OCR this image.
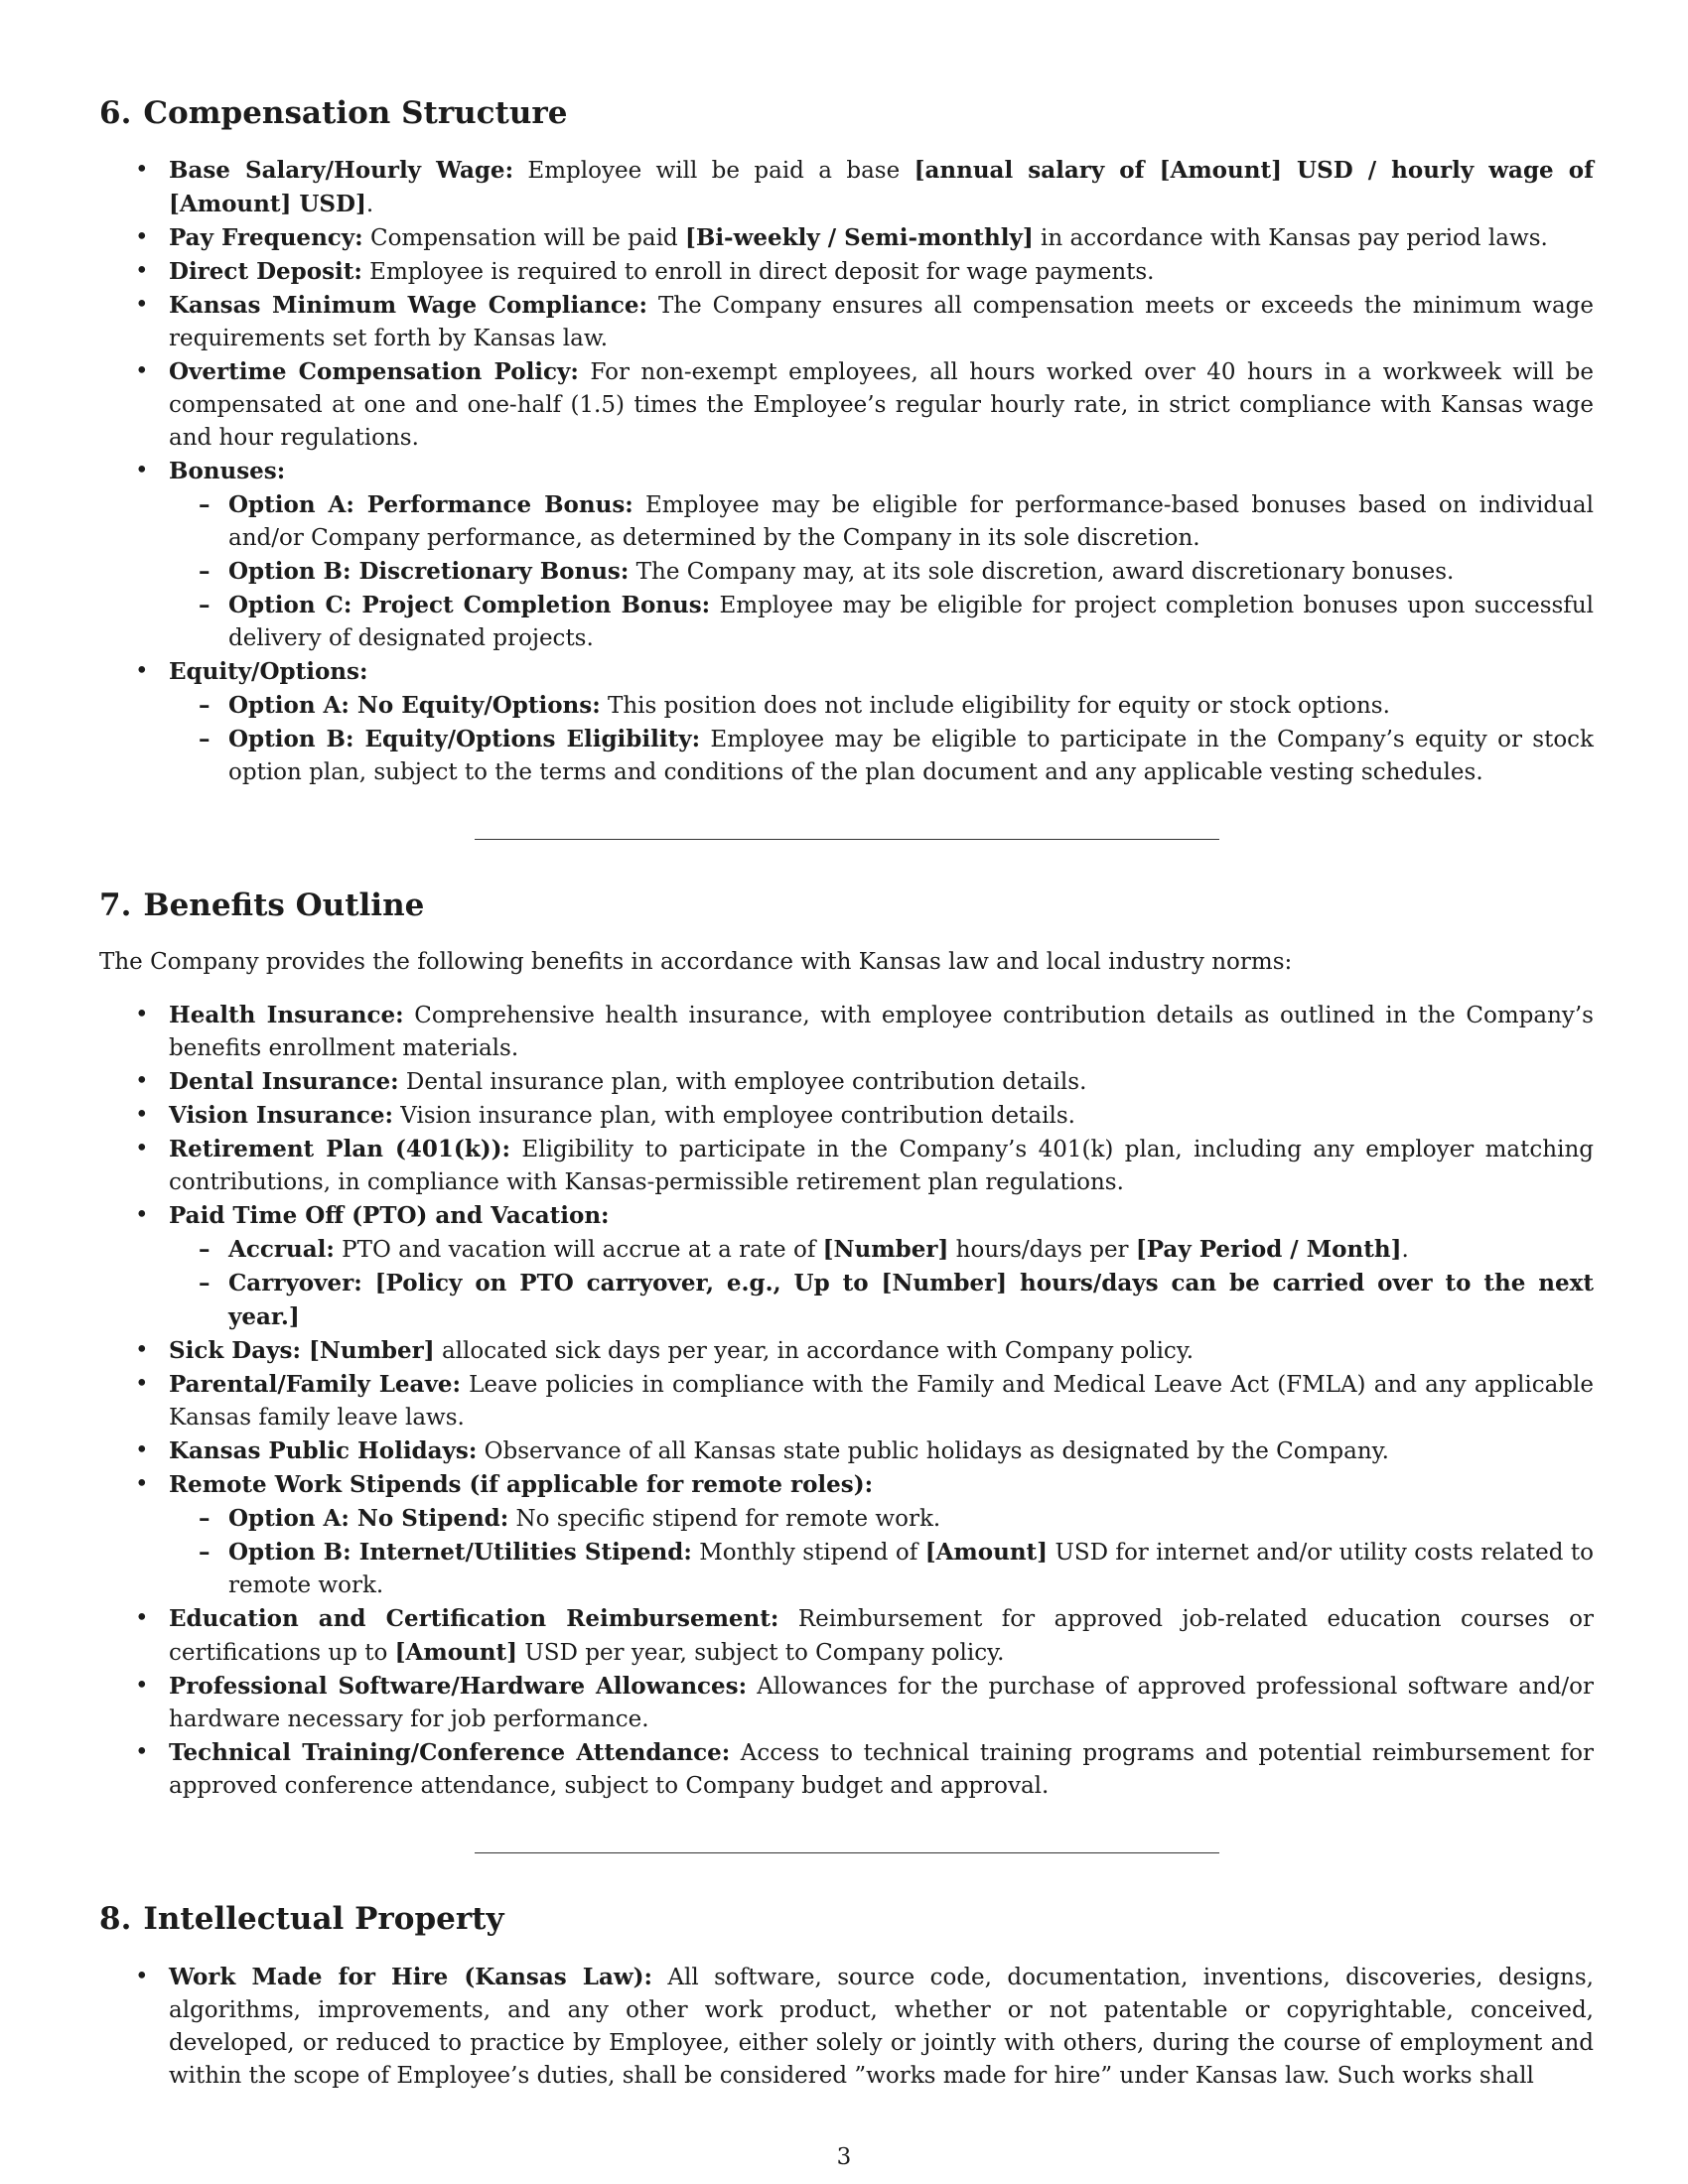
6. Compensation Structure
• Base Salary/Hourly Wage: Employee will be paid a base [annual salary of [Amount] USD / hourly wage of [Amount] USD].
• Pay Frequency: Compensation will be paid [Bi-weekly / Semi-monthly] in accordance with Kansas pay period laws.
• Direct Deposit: Employee is required to enroll in direct deposit for wage payments.
• Kansas Minimum Wage Compliance: The Company ensures all compensation meets or exceeds the minimum wage requirements set forth by Kansas law.
• Overtime Compensation Policy: For non-exempt employees, all hours worked over 40 hours in a workweek will be compensated at one and one-half (1.5) times the Employee’s regular hourly rate, in strict compliance with Kansas wage and hour regulations.
• Bonuses:
– Option A: Performance Bonus: Employee may be eligible for performance-based bonuses based on individual and/or Company performance, as determined by the Company in its sole discretion.
– Option B: Discretionary Bonus: The Company may, at its sole discretion, award discretionary bonuses.
– Option C: Project Completion Bonus: Employee may be eligible for project completion bonuses upon successful delivery of designated projects.
• Equity/Options:
– Option A: No Equity/Options: This position does not include eligibility for equity or stock options.
– Option B: Equity/Options Eligibility: Employee may be eligible to participate in the Company’s equity or stock option plan, subject to the terms and conditions of the plan document and any applicable vesting schedules.
7. Benefits Outline

The Company provides the following benefits in accordance with Kansas law and local industry norms:

• Health Insurance: Comprehensive health insurance, with employee contribution details as outlined in the Company’s benefits enrollment materials.
• Dental Insurance: Dental insurance plan, with employee contribution details.
• Vision Insurance: Vision insurance plan, with employee contribution details.
• Retirement Plan (401(k)): Eligibility to participate in the Company’s 401(k) plan, including any employer matching contributions, in compliance with Kansas-permissible retirement plan regulations.
• Paid Time Off (PTO) and Vacation:
– Accrual: PTO and vacation will accrue at a rate of [Number] hours/days per [Pay Period / Month].
– Carryover: [Policy on PTO carryover, e.g., Up to [Number] hours/days can be carried over to the next year.]
• Sick Days: [Number] allocated sick days per year, in accordance with Company policy.
• Parental/Family Leave: Leave policies in compliance with the Family and Medical Leave Act (FMLA) and any applicable Kansas family leave laws.
• Kansas Public Holidays: Observance of all Kansas state public holidays as designated by the Company.
• Remote Work Stipends (if applicable for remote roles):
– Option A: No Stipend: No specific stipend for remote work.
– Option B: Internet/Utilities Stipend: Monthly stipend of [Amount] USD for internet and/or utility costs related to remote work.
• Education and Certification Reimbursement: Reimbursement for approved job-related education courses or certifications up to [Amount] USD per year, subject to Company policy.
• Professional Software/Hardware Allowances: Allowances for the purchase of approved professional software and/or hardware necessary for job performance.
• Technical Training/Conference Attendance: Access to technical training programs and potential reimbursement for approved conference attendance, subject to Company budget and approval.
8. Intellectual Property
• Work Made for Hire (Kansas Law): All software, source code, documentation, inventions, discoveries, designs, algorithms, improvements, and any other work product, whether or not patentable or copyrightable, conceived, developed, or reduced to practice by Employee, either solely or jointly with others, during the course of employment and within the scope of Employee’s duties, shall be considered ”works made for hire” under Kansas law. Such works shall
3
